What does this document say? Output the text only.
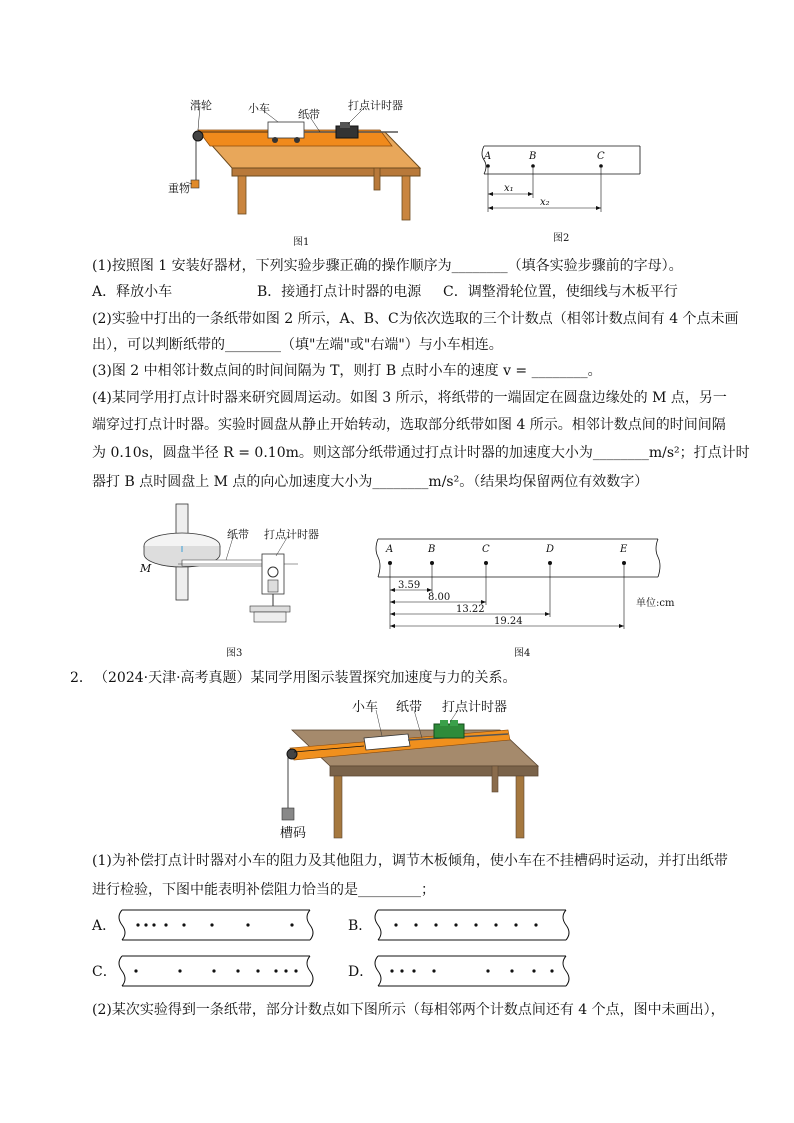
滑轮	小车	纸带
打点计时器
重物
图1
A	B	C
x₁
x₂
图2
(1)按照图 1 安装好器材，下列实验步骤正确的操作顺序为________（填各实验步骤前的字母）。
A．释放小车	B．接通打点计时器的电源 C．调整滑轮位置，使细线与木板平行
(2)实验中打出的一条纸带如图 2 所示，A、B、C为依次选取的三个计数点（相邻计数点间有 4 个点未画
出），可以判断纸带的________（填"左端"或"右端"）与小车相连。
(3)图 2 中相邻计数点间的时间间隔为 T，则打 B 点时小车的速度 v = ________。
(4)某同学用打点计时器来研究圆周运动。如图 3 所示，将纸带的一端固定在圆盘边缘处的 M 点，另一
端穿过打点计时器。实验时圆盘从静止开始转动，选取部分纸带如图 4 所示。相邻计数点间的时间间隔
为 0.10s，圆盘半径 R = 0.10m。则这部分纸带通过打点计时器的加速度大小为________m/s²；打点计时
器打 B 点时圆盘上 M 点的向心加速度大小为________m/s²。（结果均保留两位有效数字）
纸带 打点计时器
M
图3
A	B	C	D	E
3.59
8.00
13.22
19.24
单位:cm
图4
2． （2024·天津·高考真题）某同学用图示装置探究加速度与力的关系。
小车 纸带 打点计时器
槽码
(1)为补偿打点计时器对小车的阻力及其他阻力，调节木板倾角，使小车在不挂槽码时运动，并打出纸带
进行检验，下图中能表明补偿阻力恰当的是_________；
A．	B．
C．	D．
(2)某次实验得到一条纸带，部分计数点如下图所示（每相邻两个计数点间还有 4 个点，图中未画出），
